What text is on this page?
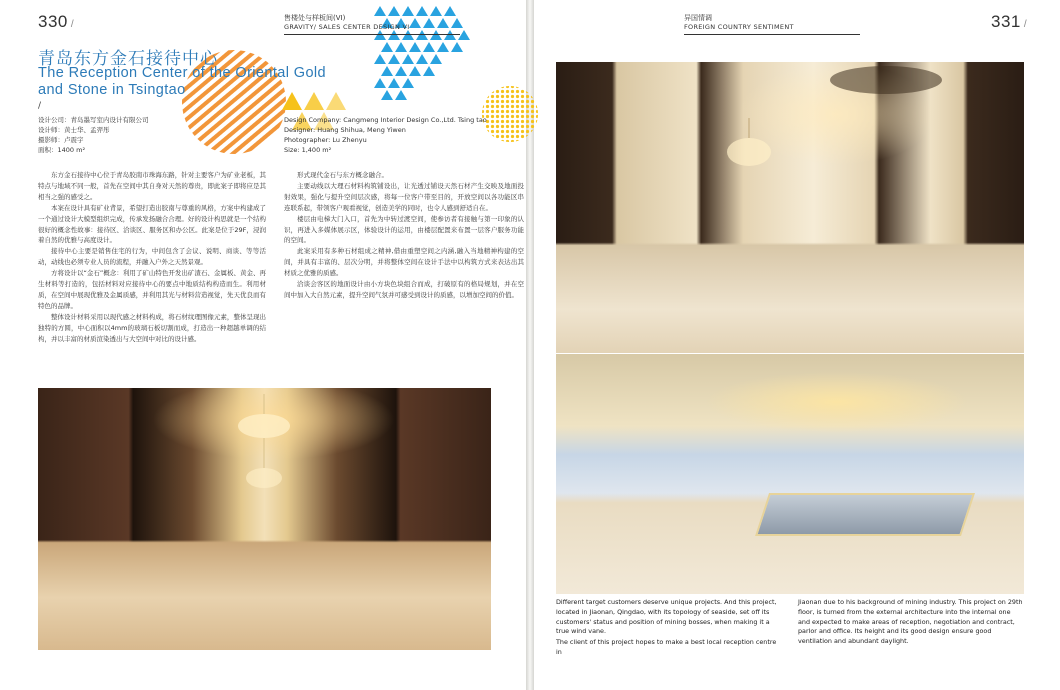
330 /
青岛东方金石接待中心
The Reception Center of the Oriental Gold and Stone in Tsingtao
/
设计公司：青岛墨写室内设计有限公司
设计师：黄士华、孟羿彤
摄影师：卢震宇
面积：1400 m²

东方金石接待中心位于青岛胶南市珠海东路，针对主要客户为矿业老板，其特点与地域不同一般，首先在空间中其自身对天然的尊贵，即此案子即将应是其相当之强的感受之。

本案在设计具有矿业背景，希望打造出胶南与尊重的风格，方案中构建成了一个通过设计大模型组织完成，传承发扬融合合理。好的设计构思就是一个结构很好的概念性故事：接待区、洽谈区、服务区和办公区。此案是位于29F，浸润着自然的优雅与高度设计。

接待中心主要是销售住宅的行为，中间包含了会议、说明、商谈、等等活动，动线也必须专业人员的流程，并融入户外之天然景观。

方将设计以“金石”概念：利用了矿山特色开发出矿渣石、金属板、黄金、再生材料等打造的，包括材料对应接待中心的要点中地质结构构造而生。利用材质，在空间中展现优雅及金属质感，并利用其光与材料营造视觉，先天优良而有特色的品牌。

整体设计材料采用以现代感之材料构成，将石材纹理图像元素，整体呈现出独特的方圆，中心面积以4mm的玻璃石板切割而成，打造出一种超越单调的结构，并以丰富的材质渲染透出与大空间中对比的设计感。

331 /
异国情调
FOREIGN COUNTRY SENTIMENT

Different target customers deserve unique projects. And this project, located in Jiaonan, Qingdao, with its topology of seaside, set off its customers' status and position of mining bosses, when making it a true wind vane.

The client of this project hopes to make a best local reception centre in

Jiaonan due to his background of mining industry. This project on 29th floor, is turned from the external architecture into the internal one and expected to make areas of reception, negotiation and contract, parlor and office. Its height and its good design ensure good ventilation and abundant daylight.

售楼处与样板间(VI)
GRAVITY/ SALES CENTER DESIGN VI
Design Company: Cangmeng Interior Design Co.,Ltd. Tsing tao
Designer: Huang Shihua, Meng Yiwen
Photographer: Lu Zhenyu
Size: 1,400 m²

形式现代金石与东方概念融合。

主要动线以大理石材料构筑铺设出，让光透过铺设天然石材产生交映及地面投射效果，强化与提升空间层次感，将每一位客户带至目的，开放空间以各功能区串连联系起，带领客户观看视觉，创造美学的同时，也令人感到舒适自在。

楼层由电梯大门入口，首先为中转过渡空间，使参访者有接触与第一印象的认识，再进入多媒体展示区，体验设计的运用，由楼层配置来布置一层客户服务功能的空间。

此案采用有多种石材组成之精神,借由重塑空间之内涵,融入当地精神构建的空间，并具有丰富的、层次分明，并将整体空间在设计手法中以构筑方式来表达出其材质之优雅的质感。

洽谈会客区的地面设计由小方块色块组合而成，打破原有的格局规划，并在空间中加入大自然元素，提升空间气氛并可感受到设计的质感，以增加空间的价值。
